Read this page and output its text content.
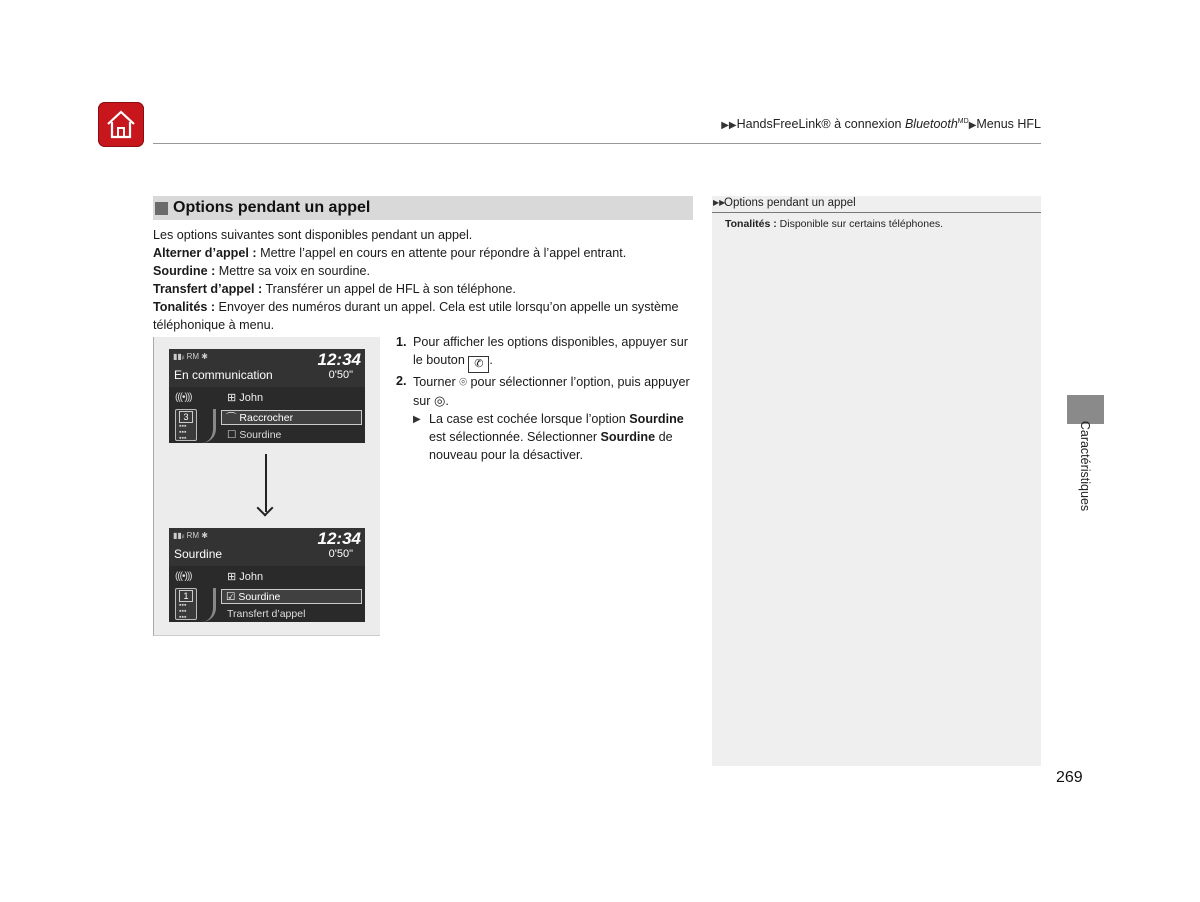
▶▶HandsFreeLink® à connexion Bluetooth$^{MD}$▶Menus HFL
Options pendant un appel

Les options suivantes sont disponibles pendant un appel.

Alterner d’appel : Mettre l’appel en cours en attente pour répondre à l’appel entrant.

Sourdine : Mettre sa voix en sourdine.

Transfert d’appel : Transférer un appel de HFL à son téléphone.

Tonalités : Envoyer des numéros durant un appel. Cela est utile lorsqu’on appelle un système téléphonique à menu.

▮▮ᵢₗ RM ✱	12:34
En communication	0'50"
(((•)))	⊞ John
3
▪▪▪
▪▪▪
▪▪▪
⌒ Raccrocher
☐ Sourdine
▮▮ᵢₗ RM ✱	12:34
Sourdine	0'50"
(((•)))	⊞ John
1
▪▪▪
▪▪▪
▪▪▪
☑ Sourdine
Transfert d’appel
1. Pour afficher les options disponibles, appuyer sur le bouton ✆ .
2. Tourner ⌾ pour sélectionner l’option, puis appuyer sur ◎.
▶ La case est cochée lorsque l’option Sourdine est sélectionnée. Sélectionner Sourdine de nouveau pour la désactiver.
▶▶
Options pendant un appel
Tonalités : Disponible sur certains téléphones.
Caractéristiques
269
